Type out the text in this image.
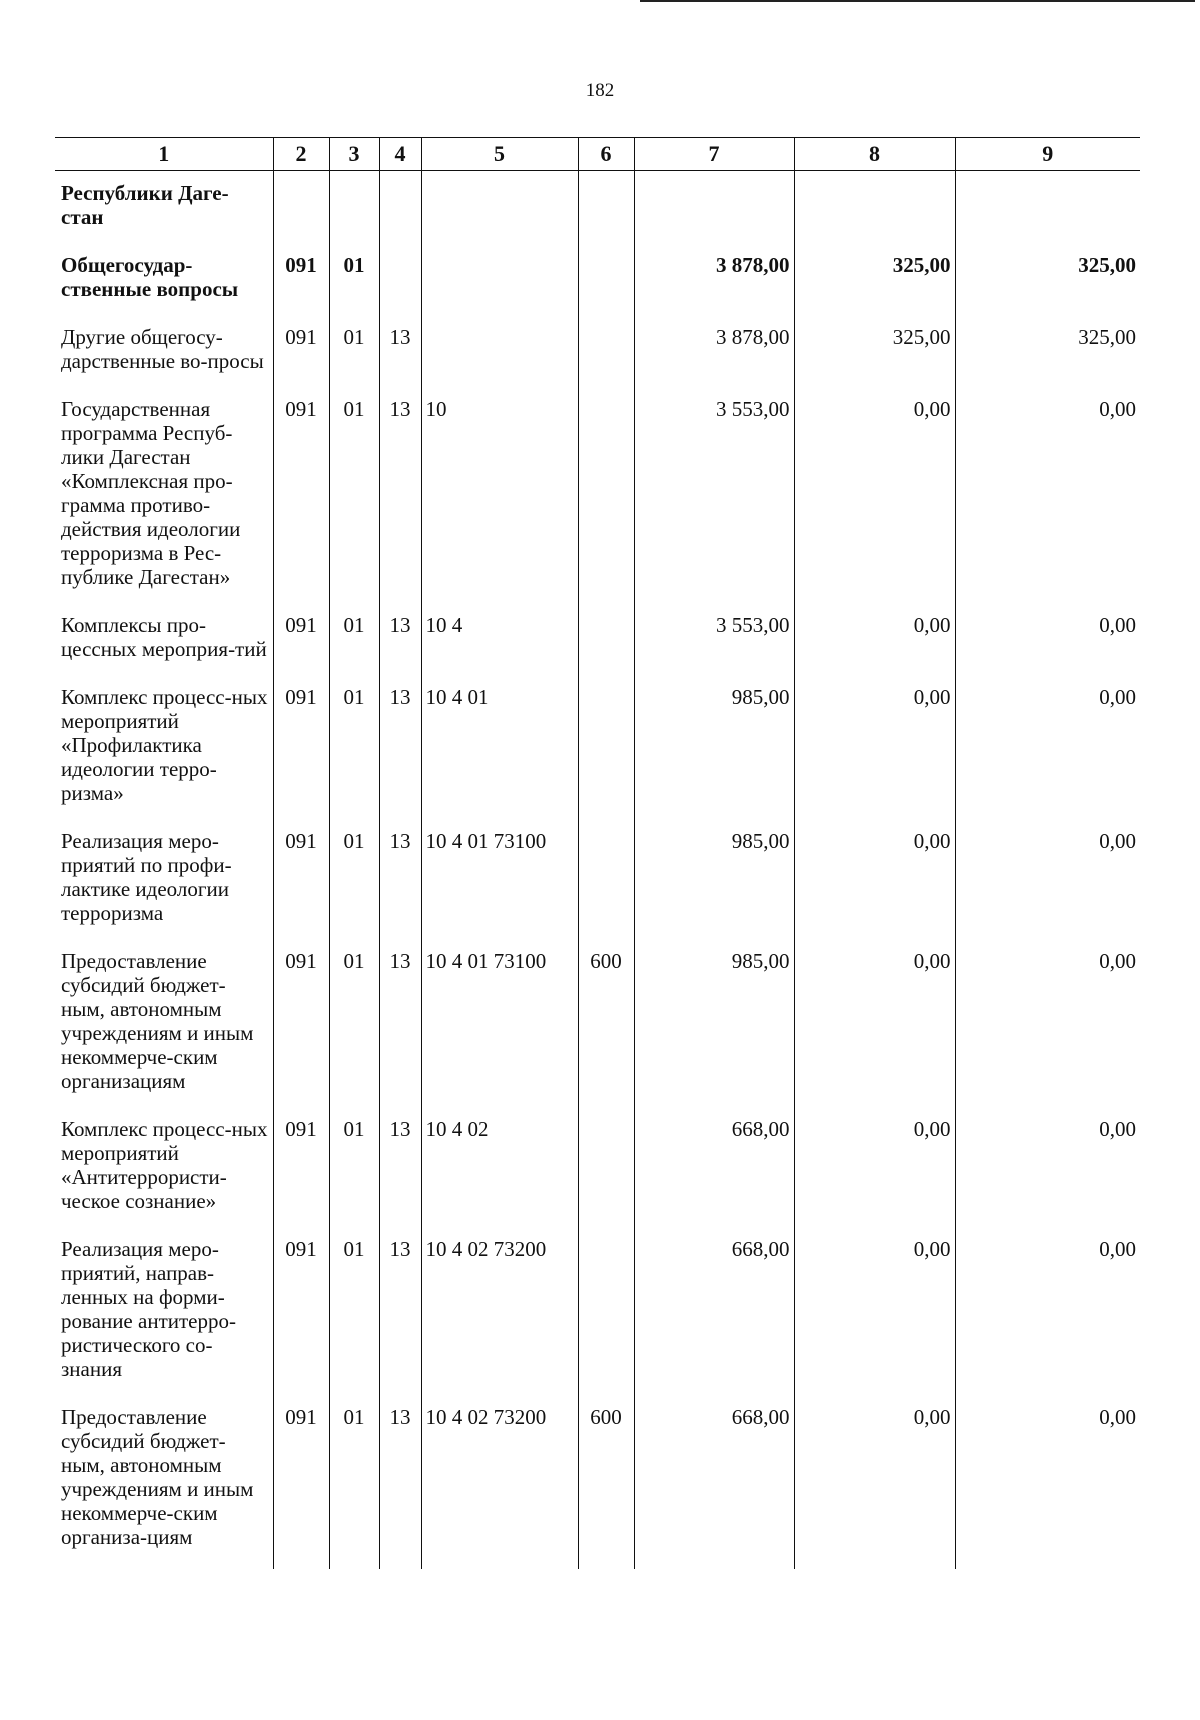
182
1	2	3	4	5	6	7	8	9
Республики Даге-стан								
Общегосудар-ственные вопросы	091	01				3 878,00	325,00	325,00
Другие общегосу-дарственные во-просы	091	01	13			3 878,00	325,00	325,00
Государственная программа Респуб-лики Дагестан «Комплексная про-грамма противо-действия идеологии терроризма в Рес-публике Дагестан»	091	01	13	10		3 553,00	0,00	0,00
Комплексы про-цессных мероприя-тий	091	01	13	10 4		3 553,00	0,00	0,00
Комплекс процесс-ных мероприятий «Профилактика идеологии терро-ризма»	091	01	13	10 4 01		985,00	0,00	0,00
Реализация меро-приятий по профи-лактике идеологии терроризма	091	01	13	10 4 01 73100		985,00	0,00	0,00
Предоставление субсидий бюджет-ным, автономным учреждениям и иным некоммерче-ским организациям	091	01	13	10 4 01 73100	600	985,00	0,00	0,00
Комплекс процесс-ных мероприятий «Антитеррористи-ческое сознание»	091	01	13	10 4 02		668,00	0,00	0,00
Реализация меро-приятий, направ-ленных на форми-рование антитерро-ристического со-знания	091	01	13	10 4 02 73200		668,00	0,00	0,00
Предоставление субсидий бюджет-ным, автономным учреждениям и иным некоммерче-ским организа-циям	091	01	13	10 4 02 73200	600	668,00	0,00	0,00
